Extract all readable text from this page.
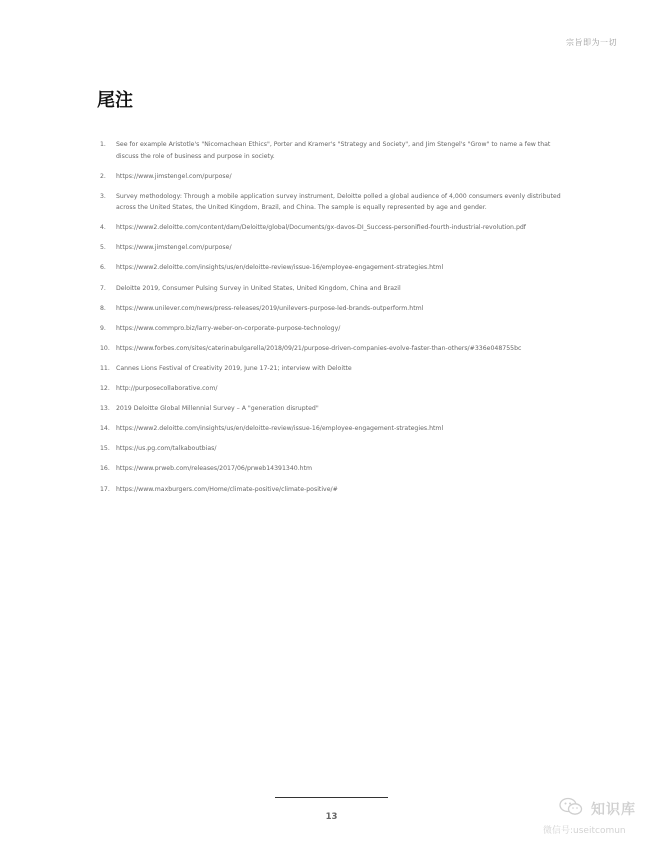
宗旨即为一切
尾注
1.	See for example Aristotle's "Nicomachean Ethics", Porter and Kramer's "Strategy and Society", and Jim Stengel's "Grow" to name a few that discuss the role of business and purpose in society.
2.	https://www.jimstengel.com/purpose/
3.	Survey methodology: Through a mobile application survey instrument, Deloitte polled a global audience of 4,000 consumers evenly distributed across the United States, the United Kingdom, Brazil, and China. The sample is equally represented by age and gender.
4.	https://www2.deloitte.com/content/dam/Deloitte/global/Documents/gx-davos-DI_Success-personified-fourth-industrial-revolution.pdf
5.	https://www.jimstengel.com/purpose/
6.	https://www2.deloitte.com/insights/us/en/deloitte-review/issue-16/employee-engagement-strategies.html
7.	Deloitte 2019, Consumer Pulsing Survey in United States, United Kingdom, China and Brazil
8.	https://www.unilever.com/news/press-releases/2019/unilevers-purpose-led-brands-outperform.html
9.	https://www.commpro.biz/larry-weber-on-corporate-purpose-technology/
10. https://www.forbes.com/sites/caterinabulgarella/2018/09/21/purpose-driven-companies-evolve-faster-than-others/#336e048755bc
11. Cannes Lions Festival of Creativity 2019, June 17-21; interview with Deloitte
12. http://purposecollaborative.com/
13. 2019 Deloitte Global Millennial Survey – A "generation disrupted"
14. https://www2.deloitte.com/insights/us/en/deloitte-review/issue-16/employee-engagement-strategies.html
15. https://us.pg.com/talkaboutbias/
16. https://www.prweb.com/releases/2017/06/prweb14391340.htm
17. https://www.maxburgers.com/Home/climate-positive/climate-positive/#
13	知识库
微信号:useitcomun
